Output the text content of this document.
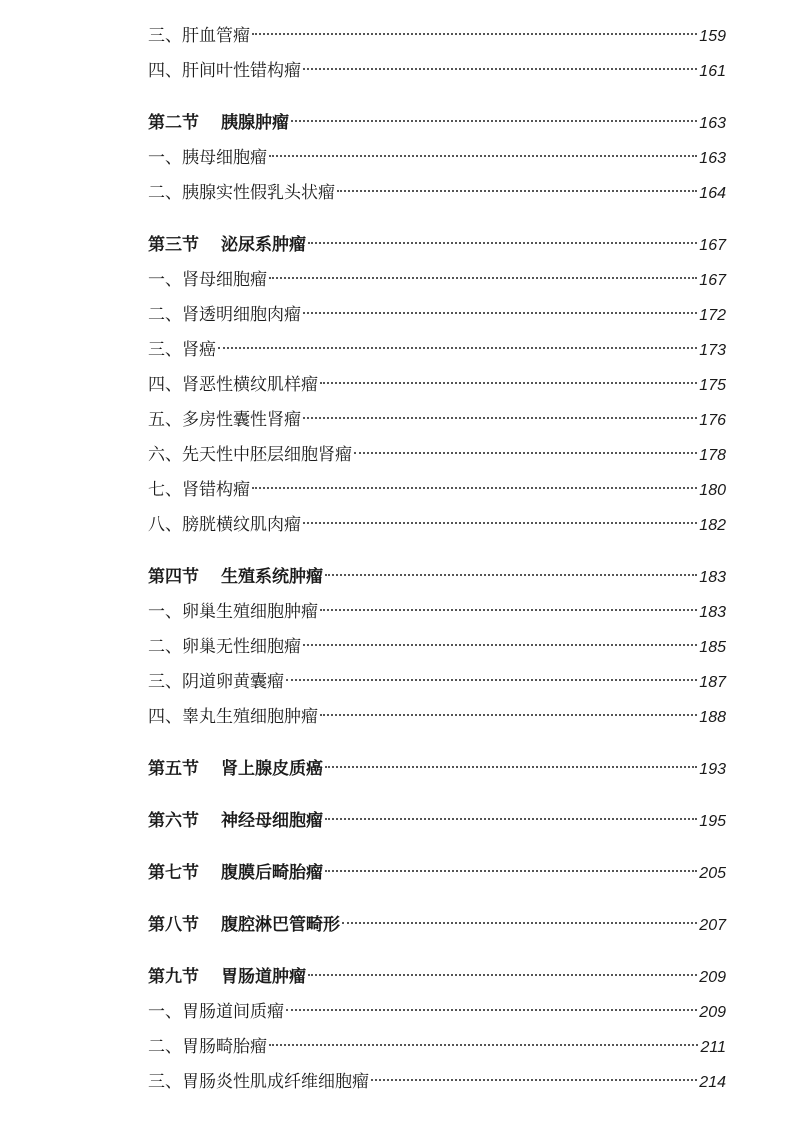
三、肝血管瘤	159
四、肝间叶性错构瘤	161
第二节 胰腺肿瘤	163
一、胰母细胞瘤	163
二、胰腺实性假乳头状瘤	164
第三节 泌尿系肿瘤	167
一、肾母细胞瘤	167
二、肾透明细胞肉瘤	172
三、肾癌	173
四、肾恶性横纹肌样瘤	175
五、多房性囊性肾瘤	176
六、先天性中胚层细胞肾瘤	178
七、肾错构瘤	180
八、膀胱横纹肌肉瘤	182
第四节 生殖系统肿瘤	183
一、卵巢生殖细胞肿瘤	183
二、卵巢无性细胞瘤	185
三、阴道卵黄囊瘤	187
四、睾丸生殖细胞肿瘤	188
第五节 肾上腺皮质癌	193
第六节 神经母细胞瘤	195
第七节 腹膜后畸胎瘤	205
第八节 腹腔淋巴管畸形	207
第九节 胃肠道肿瘤	209
一、胃肠道间质瘤	209
二、胃肠畸胎瘤	211
三、胃肠炎性肌成纤维细胞瘤	214
